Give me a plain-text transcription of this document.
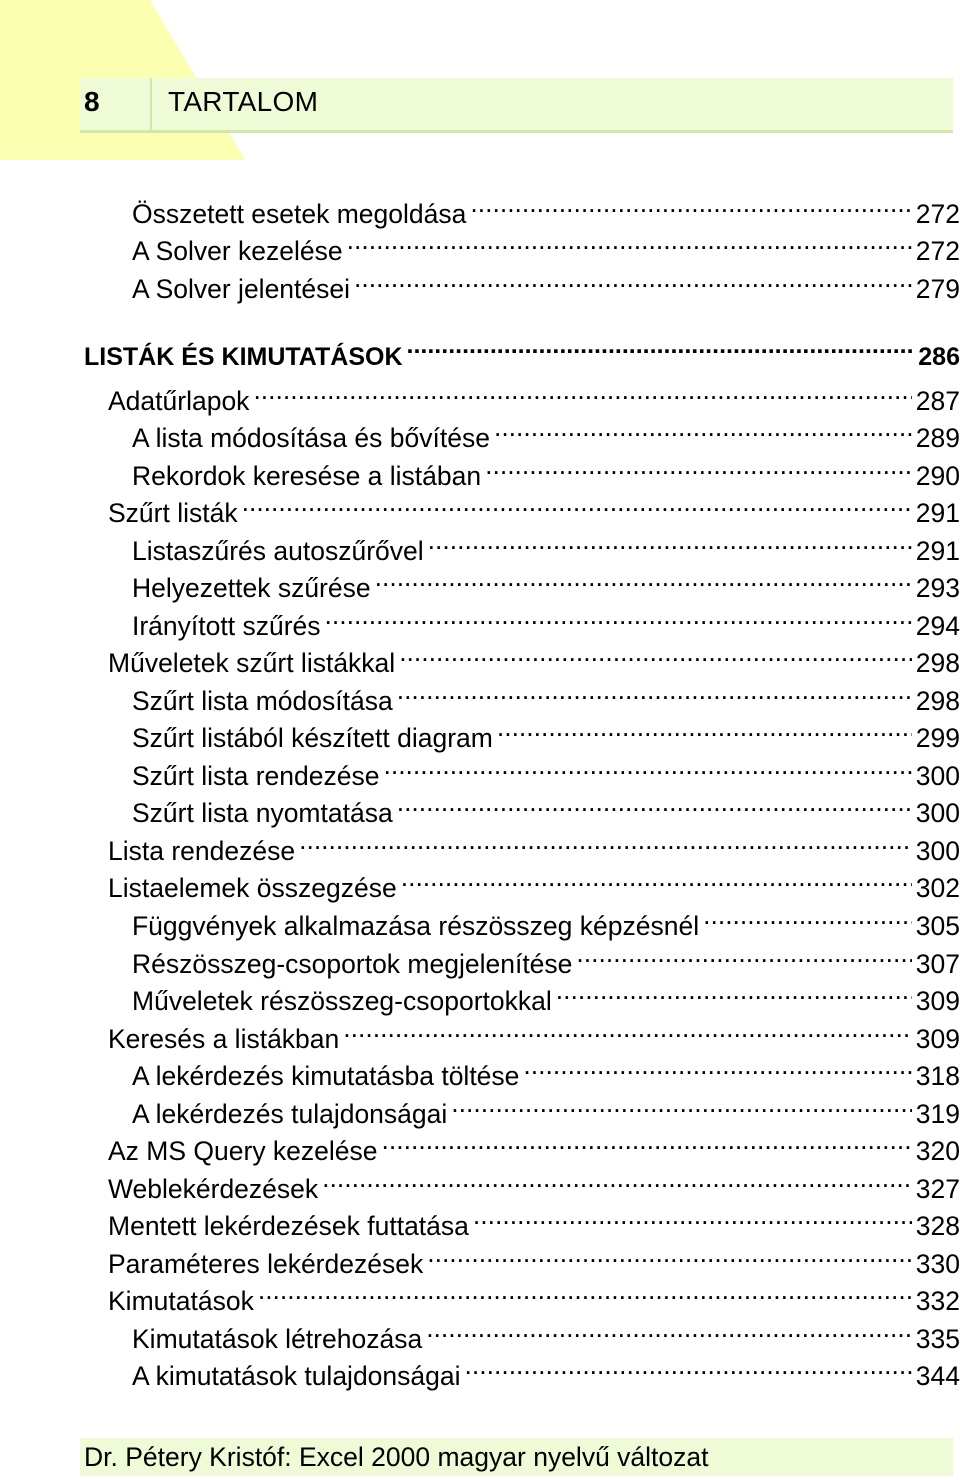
8 TARTALOM
Összetett esetek megoldása .....	272
A Solver kezelése .....	272
A Solver jelentései .....	279
LISTÁK ÉS KIMUTATÁSOK .....	286
Adatűrlapok .....	287
A lista módosítása és bővítése .....	289
Rekordok keresése a listában .....	290
Szűrt listák .....	291
Listaszűrés autoszűrővel .....	291
Helyezettek szűrése .....	293
Irányított szűrés .....	294
Műveletek szűrt listákkal .....	298
Szűrt lista módosítása .....	298
Szűrt listából készített diagram .....	299
Szűrt lista rendezése .....	300
Szűrt lista nyomtatása .....	300
Lista rendezése .....	300
Listaelemek összegzése .....	302
Függvények alkalmazása részösszeg képzésnél .....	305
Részösszeg-csoportok megjelenítése .....	307
Műveletek részösszeg-csoportokkal .....	309
Keresés a listákban .....	309
A lekérdezés kimutatásba töltése .....	318
A lekérdezés tulajdonságai .....	319
Az MS Query kezelése .....	320
Weblekérdezések .....	327
Mentett lekérdezések futtatása .....	328
Paraméteres lekérdezések .....	330
Kimutatások .....	332
Kimutatások létrehozása .....	335
A kimutatások tulajdonságai .....	344
Dr. Pétery Kristóf: Excel 2000 magyar nyelvű változat
